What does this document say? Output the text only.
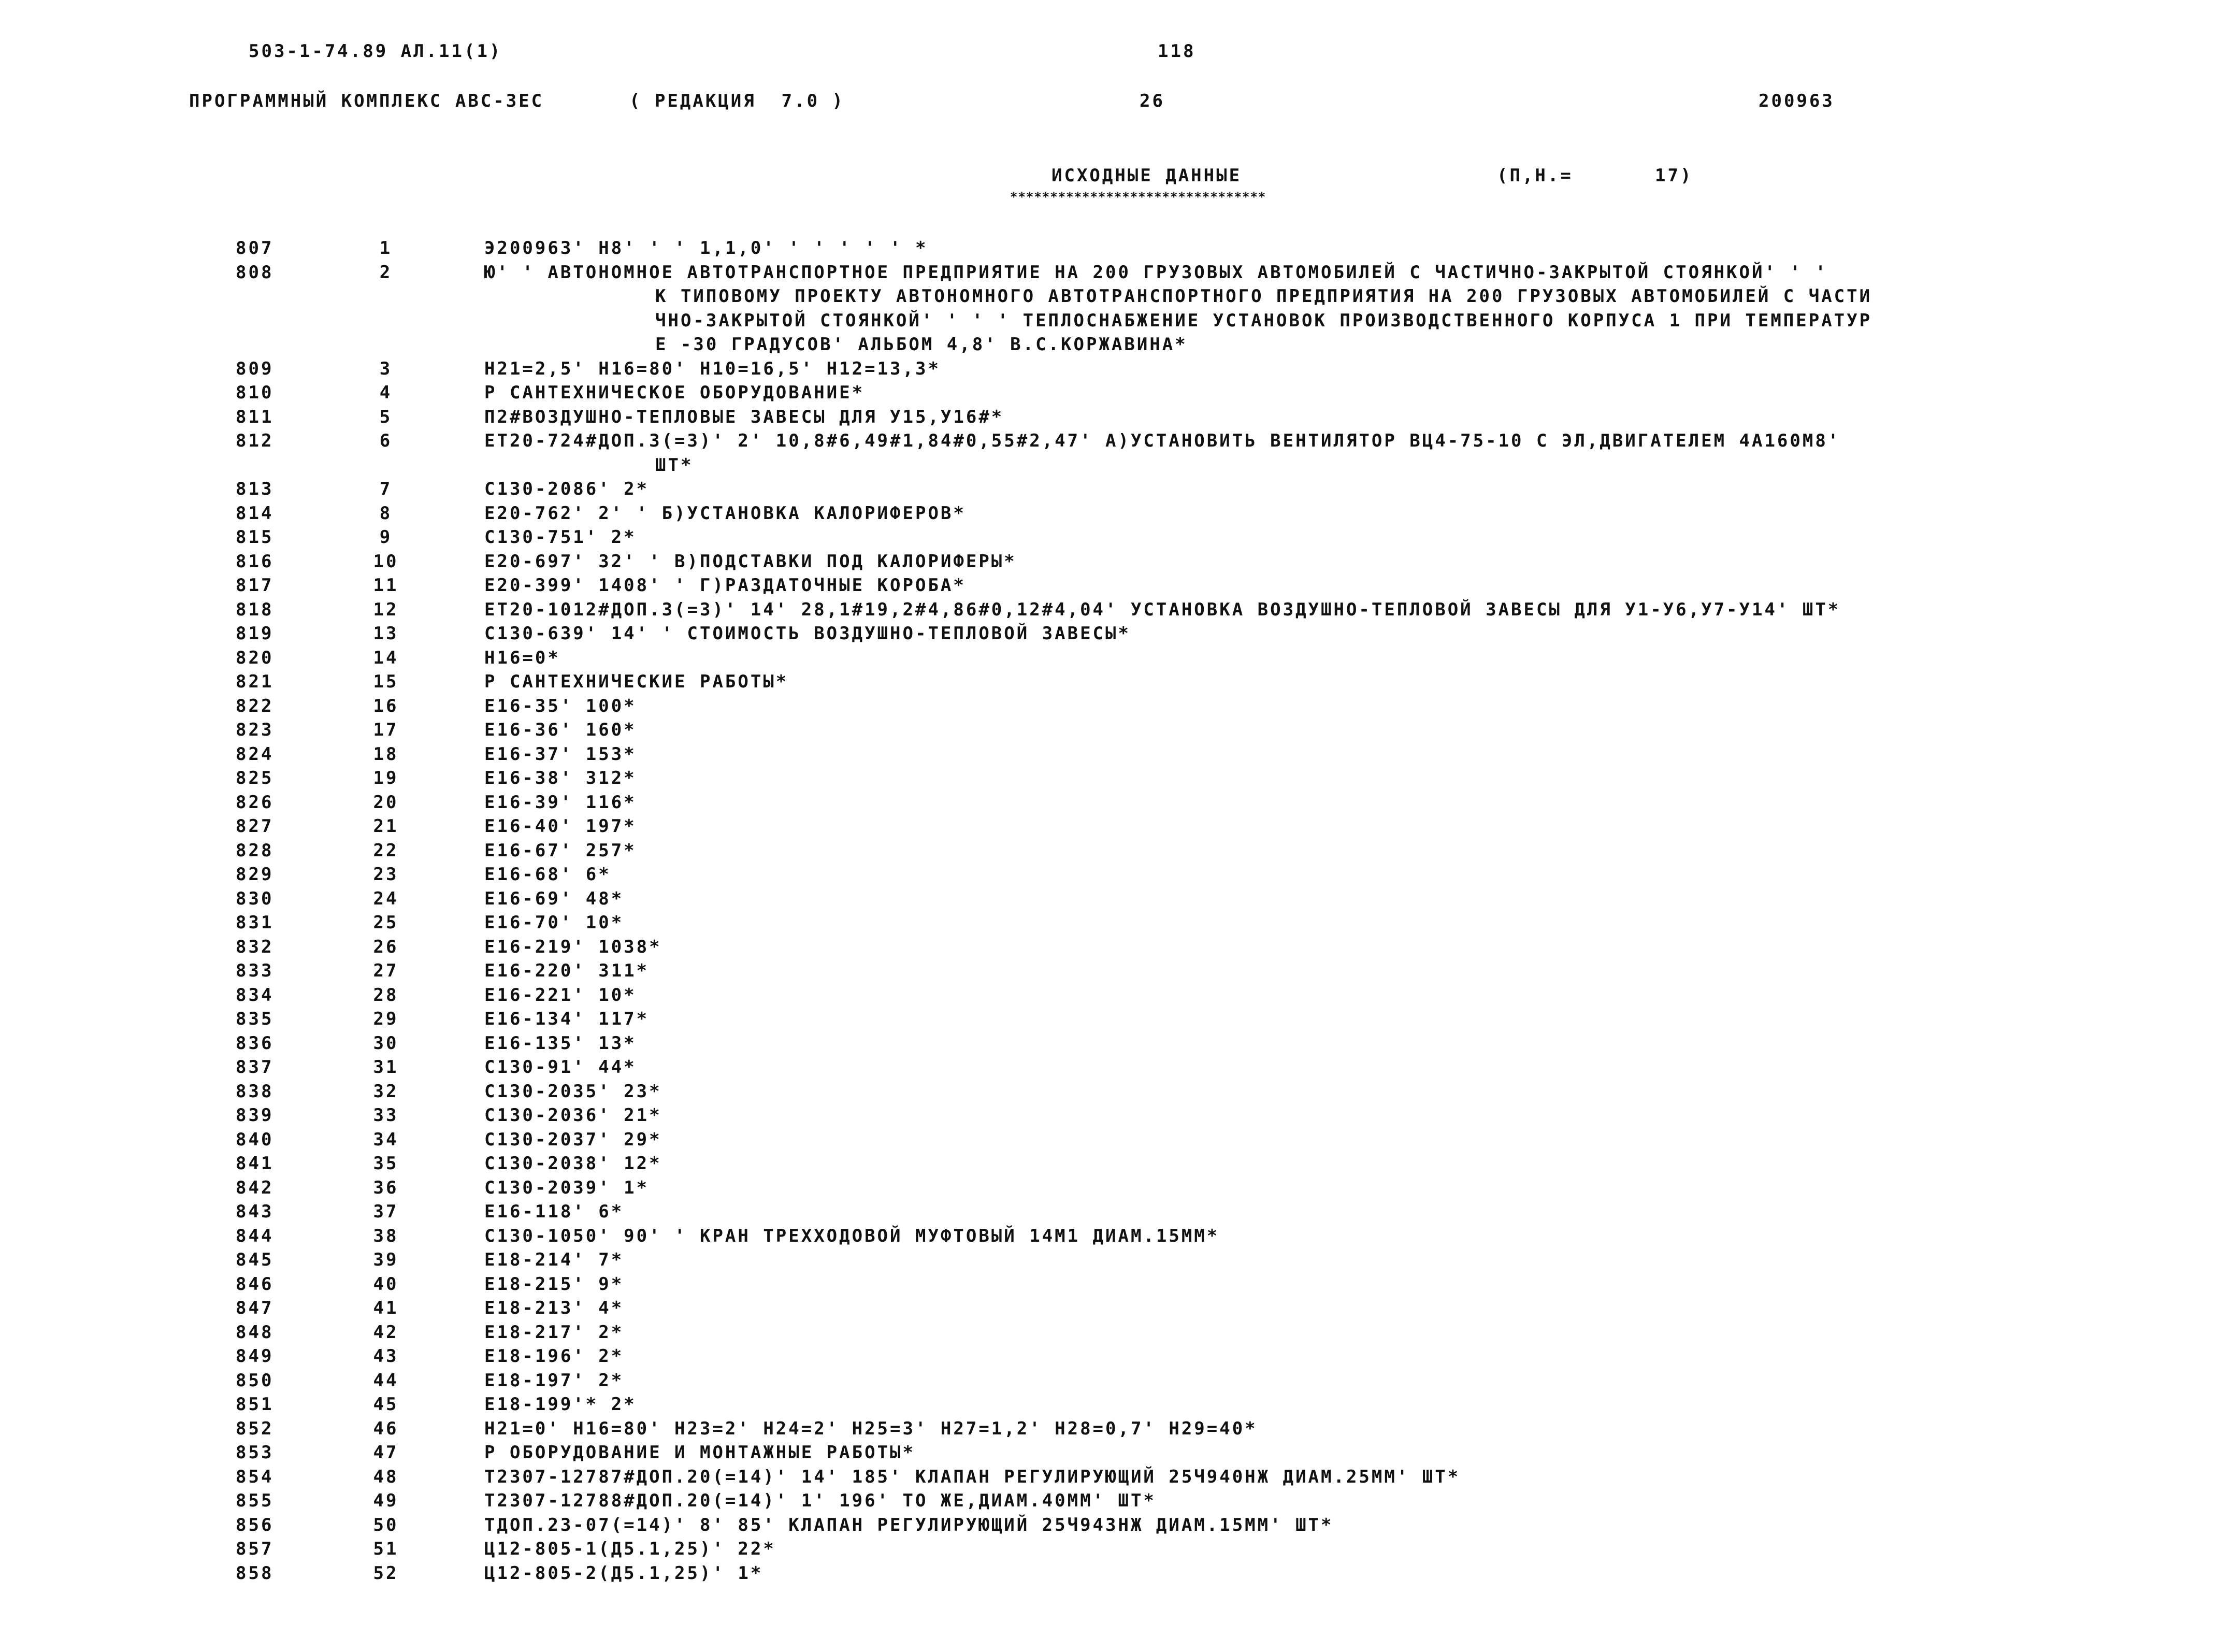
503-1-74.89 АЛ.11(1)	118
ПРОГРАММНЫЙ КОМПЛЕКС АВС-3ЕС	( РЕДАКЦИЯ  7.0 )	26	200963
ИСХОДНЫЕ ДАННЫЕ	(П,Н.=	17)
********************************
807	1	Э200963' Н8' ' ' 1,1,0' ' ' ' ' ' *
808	2	Ю' ' АВТОНОМНОЕ АВТОТРАНСПОРТНОЕ ПРЕДПРИЯТИЕ НА 200 ГРУЗОВЫХ АВТОМОБИЛЕЙ С ЧАСТИЧНО-ЗАКРЫТОЙ СТОЯНКОЙ' ' '
К ТИПОВОМУ ПРОЕКТУ АВТОНОМНОГО АВТОТРАНСПОРТНОГО ПРЕДПРИЯТИЯ НА 200 ГРУЗОВЫХ АВТОМОБИЛЕЙ С ЧАСТИ
ЧНО-ЗАКРЫТОЙ СТОЯНКОЙ' ' ' ' ТЕПЛОСНАБЖЕНИЕ УСТАНОВОК ПРОИЗВОДСТВЕННОГО КОРПУСА 1 ПРИ ТЕМПЕРАТУР
Е -30 ГРАДУСОВ' АЛЬБОМ 4,8' В.С.КОРЖАВИНА*
809	3	Н21=2,5' Н16=80' Н10=16,5' Н12=13,3*
810	4	Р САНТЕХНИЧЕСКОЕ ОБОРУДОВАНИЕ*
811	5	П2#ВОЗДУШНО-ТЕПЛОВЫЕ ЗАВЕСЫ ДЛЯ У15,У16#*
812	6	ЕТ20-724#ДОП.3(=3)' 2' 10,8#6,49#1,84#0,55#2,47' А)УСТАНОВИТЬ ВЕНТИЛЯТОР ВЦ4-75-10 С ЭЛ,ДВИГАТЕЛЕМ 4А160М8'
ШТ*
813	7	С130-2086' 2*
814	8	Е20-762' 2' ' Б)УСТАНОВКА КАЛОРИФЕРОВ*
815	9	С130-751' 2*
816	10	Е20-697' 32' ' В)ПОДСТАВКИ ПОД КАЛОРИФЕРЫ*
817	11	Е20-399' 1408' ' Г)РАЗДАТОЧНЫЕ КОРОБА*
818	12	ЕТ20-1012#ДОП.3(=3)' 14' 28,1#19,2#4,86#0,12#4,04' УСТАНОВКА ВОЗДУШНО-ТЕПЛОВОЙ ЗАВЕСЫ ДЛЯ У1-У6,У7-У14' ШТ*
819	13	С130-639' 14' ' СТОИМОСТЬ ВОЗДУШНО-ТЕПЛОВОЙ ЗАВЕСЫ*
820	14	Н16=0*
821	15	Р САНТЕХНИЧЕСКИЕ РАБОТЫ*
822	16	Е16-35' 100*
823	17	Е16-36' 160*
824	18	Е16-37' 153*
825	19	Е16-38' 312*
826	20	Е16-39' 116*
827	21	Е16-40' 197*
828	22	Е16-67' 257*
829	23	Е16-68' 6*
830	24	Е16-69' 48*
831	25	Е16-70' 10*
832	26	Е16-219' 1038*
833	27	Е16-220' 311*
834	28	Е16-221' 10*
835	29	Е16-134' 117*
836	30	Е16-135' 13*
837	31	С130-91' 44*
838	32	С130-2035' 23*
839	33	С130-2036' 21*
840	34	С130-2037' 29*
841	35	С130-2038' 12*
842	36	С130-2039' 1*
843	37	Е16-118' 6*
844	38	С130-1050' 90' ' КРАН ТРЕХХОДОВОЙ МУФТОВЫЙ 14М1 ДИАМ.15ММ*
845	39	Е18-214' 7*
846	40	Е18-215' 9*
847	41	Е18-213' 4*
848	42	Е18-217' 2*
849	43	Е18-196' 2*
850	44	Е18-197' 2*
851	45	Е18-199'* 2*
852	46	Н21=0' Н16=80' Н23=2' Н24=2' Н25=3' Н27=1,2' Н28=0,7' Н29=40*
853	47	Р ОБОРУДОВАНИЕ И МОНТАЖНЫЕ РАБОТЫ*
854	48	Т2307-12787#ДОП.20(=14)' 14' 185' КЛАПАН РЕГУЛИРУЮЩИЙ 25Ч940НЖ ДИАМ.25ММ' ШТ*
855	49	Т2307-12788#ДОП.20(=14)' 1' 196' ТО ЖЕ,ДИАМ.40ММ' ШТ*
856	50	ТДОП.23-07(=14)' 8' 85' КЛАПАН РЕГУЛИРУЮЩИЙ 25Ч943НЖ ДИАМ.15ММ' ШТ*
857	51	Ц12-805-1(Д5.1,25)' 22*
858	52	Ц12-805-2(Д5.1,25)' 1*
